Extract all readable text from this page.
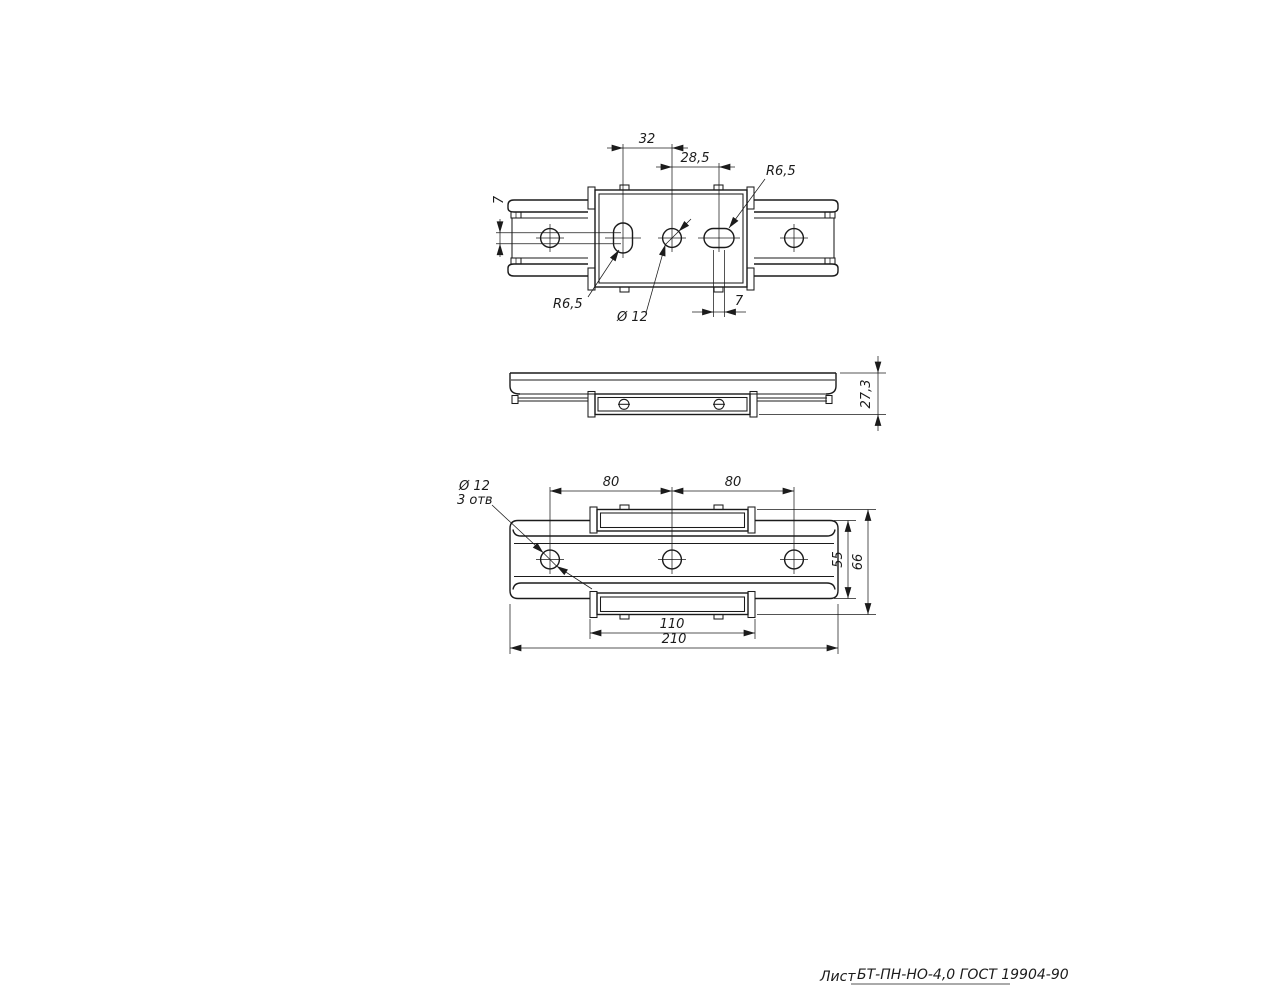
32
28,5
7
7
R6,5
R6,5
Ø 12
27,3
80	80
Ø 12
3 отв
55 66
110
210
Лист БТ-ПН-НО-4,0 ГОСТ 19904-90
